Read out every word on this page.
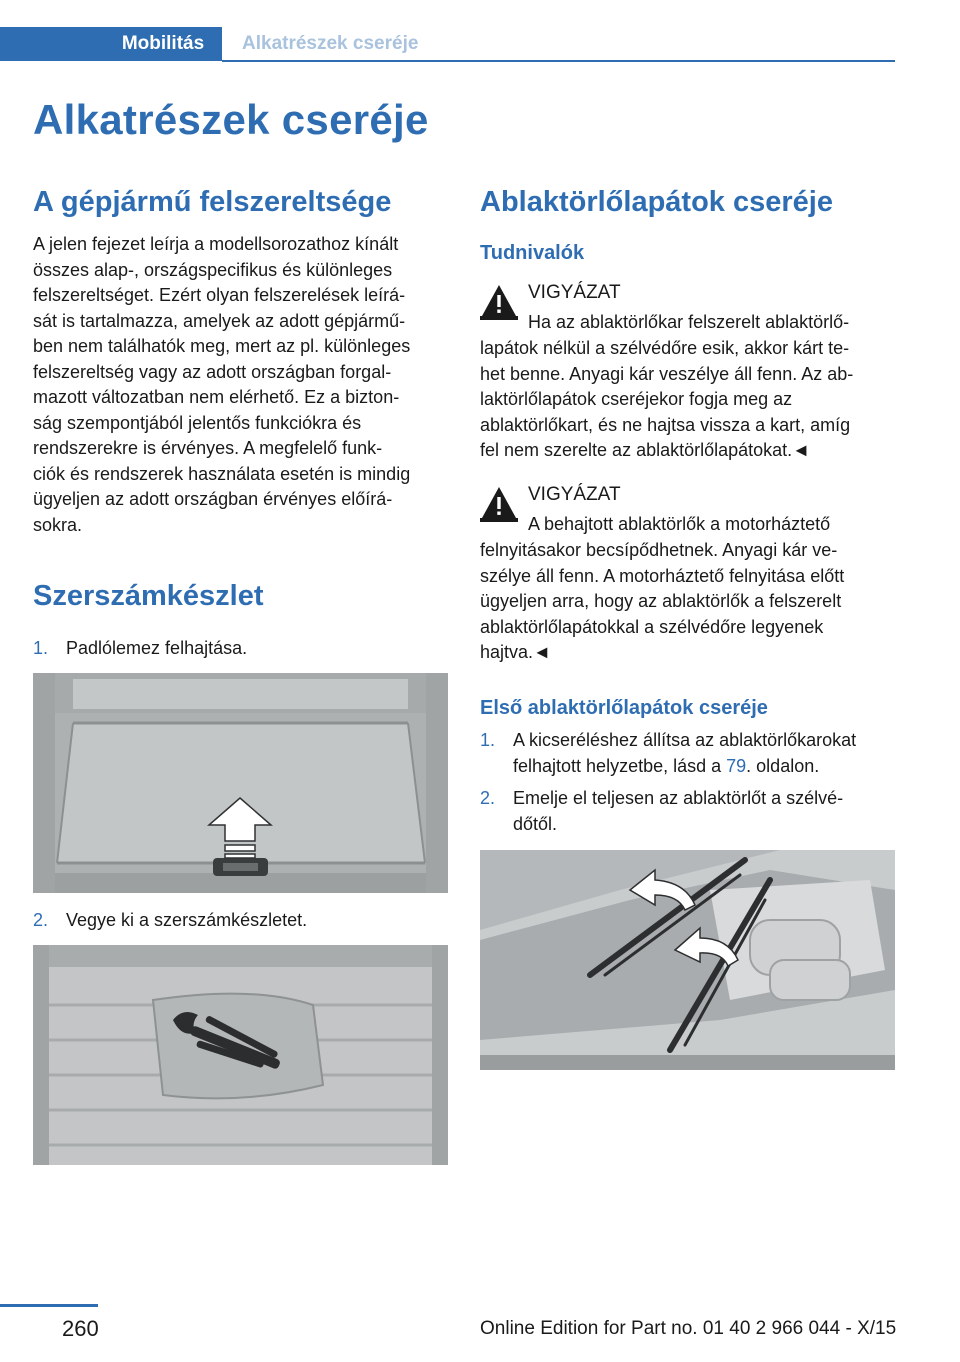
Mobilitás	Alkatrészek cseréje
Alkatrészek cseréje
A gépjármű felszereltsége
A jelen fejezet leírja a modellsorozathoz kínált
összes alap-, országspecifikus és különleges
felszereltséget. Ezért olyan felszerelések leírá-
sát is tartalmazza, amelyek az adott gépjármű-
ben nem találhatók meg, mert az pl. különleges
felszereltség vagy az adott országban forgal-
mazott változatban nem elérhető. Ez a bizton-
ság szempontjából jelentős funkciókra és
rendszerekre is érvényes. A megfelelő funk-
ciók és rendszerek használata esetén is mindig
ügyeljen az adott országban érvényes előírá-
sokra.
Szerszámkészlet
1. Padlólemez felhajtása.
2. Vegye ki a szerszámkészletet.
Ablaktörlőlapátok cseréje
Tudnivalók
VIGYÁZAT
Ha az ablaktörlőkar felszerelt ablaktörlő-
lapátok nélkül a szélvédőre esik, akkor kárt te-
het benne. Anyagi kár veszélye áll fenn. Az ab-
laktörlőlapátok cseréjekor fogja meg az
ablaktörlőkart, és ne hajtsa vissza a kart, amíg
fel nem szerelte az ablaktörlőlapátokat.◄
VIGYÁZAT
A behajtott ablaktörlők a motorháztető
felnyitásakor becsípődhetnek. Anyagi kár ve-
szélye áll fenn. A motorháztető felnyitása előtt
ügyeljen arra, hogy az ablaktörlők a felszerelt
ablaktörlőlapátokkal a szélvédőre legyenek
hajtva.◄
Első ablaktörlőlapátok cseréje
1. A kicseréléshez állítsa az ablaktörlőkarokat
felhajtott helyzetbe, lásd a 79. oldalon.
2. Emelje el teljesen az ablaktörlőt a szélvé-
dőtől.
260	Online Edition for Part no. 01 40 2 966 044 - X/15
